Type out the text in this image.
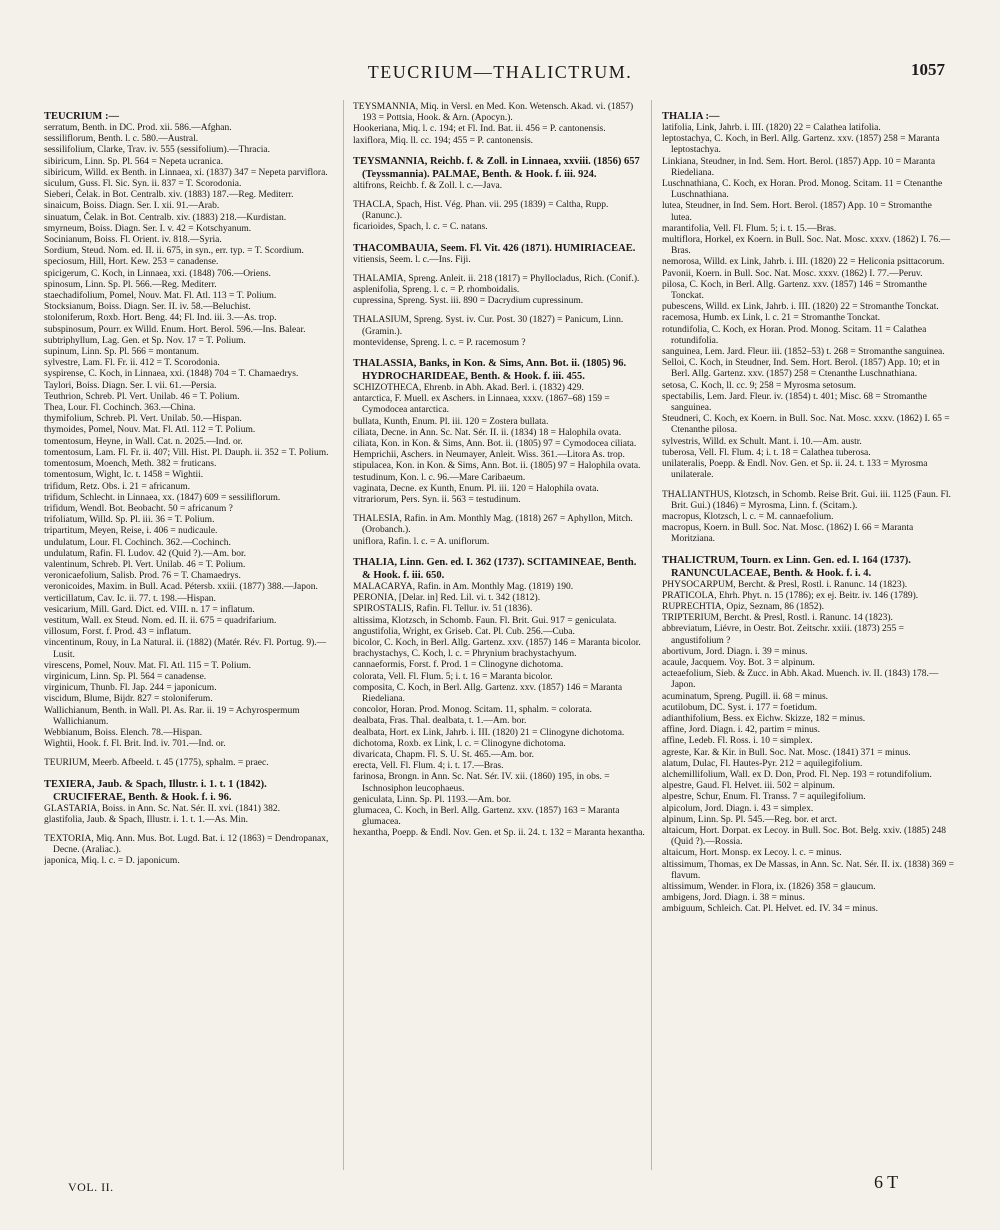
TEUCRIUM—THALICTRUM.	1057

TEUCRIUM :—

serratum, Benth. in DC. Prod. xii. 586.—Afghan.

sessiliflorum, Benth. l. c. 580.—Austral.

sessilifolium, Clarke, Trav. iv. 555 (sessifolium).—Thracia.

sibiricum, Linn. Sp. Pl. 564 = Nepeta ucranica.

sibiricum, Willd. ex Benth. in Linnaea, xi. (1837) 347 = Nepeta parviflora.

siculum, Guss. Fl. Sic. Syn. ii. 837 = T. Scorodonia.

Sieberi, Čelak. in Bot. Centralb. xiv. (1883) 187.—Reg. Mediterr.

sinaicum, Boiss. Diagn. Ser. I. xii. 91.—Arab.

sinuatum, Čelak. in Bot. Centralb. xiv. (1883) 218.—Kurdistan.

smyrneum, Boiss. Diagn. Ser. I. v. 42 = Kotschyanum.

Socinianum, Boiss. Fl. Orient. iv. 818.—Syria.

Sordium, Steud. Nom. ed. II. ii. 675, in syn., err. typ. = T. Scordium.

speciosum, Hill, Hort. Kew. 253 = canadense.

spicigerum, C. Koch, in Linnaea, xxi. (1848) 706.—Oriens.

spinosum, Linn. Sp. Pl. 566.—Reg. Mediterr.

staechadifolium, Pomel, Nouv. Mat. Fl. Atl. 113 = T. Polium.

Stocksianum, Boiss. Diagn. Ser. II. iv. 58.—Beluchist.

stoloniferum, Roxb. Hort. Beng. 44; Fl. Ind. iii. 3.—As. trop.

subspinosum, Pourr. ex Willd. Enum. Hort. Berol. 596.—Ins. Balear.

subtriphyllum, Lag. Gen. et Sp. Nov. 17 = T. Polium.

supinum, Linn. Sp. Pl. 566 = montanum.

sylvestre, Lam. Fl. Fr. ii. 412 = T. Scorodonia.

syspirense, C. Koch, in Linnaea, xxi. (1848) 704 = T. Chamaedrys.

Taylori, Boiss. Diagn. Ser. I. vii. 61.—Persia.

Teuthrion, Schreb. Pl. Vert. Unilab. 46 = T. Polium.

Thea, Lour. Fl. Cochinch. 363.—China.

thymifolium, Schreb. Pl. Vert. Unilab. 50.—Hispan.

thymoides, Pomel, Nouv. Mat. Fl. Atl. 112 = T. Polium.

tomentosum, Heyne, in Wall. Cat. n. 2025.—Ind. or.

tomentosum, Lam. Fl. Fr. ii. 407; Vill. Hist. Pl. Dauph. ii. 352 = T. Polium.

tomentosum, Moench, Meth. 382 = fruticans.

tomentosum, Wight, Ic. t. 1458 = Wightii.

trifidum, Retz. Obs. i. 21 = africanum.

trifidum, Schlecht. in Linnaea, xx. (1847) 609 = sessiliflorum.

trifidum, Wendl. Bot. Beobacht. 50 = africanum ?

trifoliatum, Willd. Sp. Pl. iii. 36 = T. Polium.

tripartitum, Meyen, Reise, i. 406 = nudicaule.

undulatum, Lour. Fl. Cochinch. 362.—Cochinch.

undulatum, Rafin. Fl. Ludov. 42 (Quid ?).—Am. bor.

valentinum, Schreb. Pl. Vert. Unilab. 46 = T. Polium.

veronicaefolium, Salisb. Prod. 76 = T. Chamaedrys.

veronicoides, Maxim. in Bull. Acad. Pétersb. xxiii. (1877) 388.—Japon.

verticillatum, Cav. Ic. ii. 77. t. 198.—Hispan.

vesicarium, Mill. Gard. Dict. ed. VIII. n. 17 = inflatum.

vestitum, Wall. ex Steud. Nom. ed. II. ii. 675 = quadrifarium.

villosum, Forst. f. Prod. 43 = inflatum.

vincentinum, Rouy, in La Natural. ii. (1882) (Matér. Rév. Fl. Portug. 9).—Lusit.

virescens, Pomel, Nouv. Mat. Fl. Atl. 115 = T. Polium.

virginicum, Linn. Sp. Pl. 564 = canadense.

virginicum, Thunb. Fl. Jap. 244 = japonicum.

viscidum, Blume, Bijdr. 827 = stoloniferum.

Wallichianum, Benth. in Wall. Pl. As. Rar. ii. 19 = Achyrospermum Wallichianum.

Webbianum, Boiss. Elench. 78.—Hispan.

Wightii, Hook. f. Fl. Brit. Ind. iv. 701.—Ind. or.

TEURIUM, Meerb. Afbeeld. t. 45 (1775), sphalm. = praec.

TEXIERA, Jaub. & Spach, Illustr. i. 1. t. 1 (1842). CRUCIFERAE, Benth. & Hook. f. i. 96.

GLASTARIA, Boiss. in Ann. Sc. Nat. Sér. II. xvi. (1841) 382.

glastifolia, Jaub. & Spach, Illustr. i. 1. t. 1.—As. Min.

TEXTORIA, Miq. Ann. Mus. Bot. Lugd. Bat. i. 12 (1863) = Dendropanax, Decne. (Araliac.).

japonica, Miq. l. c. = D. japonicum.

TEYSMANNIA, Miq. in Versl. en Med. Kon. Wetensch. Akad. vi. (1857) 193 = Pottsia, Hook. & Arn. (Apocyn.).

Hookeriana, Miq. l. c. 194; et Fl. Ind. Bat. ii. 456 = P. cantonensis.

laxiflora, Miq. ll. cc. 194; 455 = P. cantonensis.

TEYSMANNIA, Reichb. f. & Zoll. in Linnaea, xxviii. (1856) 657 (Teyssmannia). PALMAE, Benth. & Hook. f. iii. 924.

altifrons, Reichb. f. & Zoll. l. c.—Java.

THACLA, Spach, Hist. Vég. Phan. vii. 295 (1839) = Caltha, Rupp. (Ranunc.).

ficarioides, Spach, l. c. = C. natans.

THACOMBAUIA, Seem. Fl. Vit. 426 (1871). HUMIRIACEAE.

vitiensis, Seem. l. c.—Ins. Fiji.

THALAMIA, Spreng. Anleit. ii. 218 (1817) = Phyllocladus, Rich. (Conif.).

asplenifolia, Spreng. l. c. = P. rhomboidalis.

cupressina, Spreng. Syst. iii. 890 = Dacrydium cupressinum.

THALASIUM, Spreng. Syst. iv. Cur. Post. 30 (1827) = Panicum, Linn. (Gramin.).

montevidense, Spreng. l. c. = P. racemosum ?

THALASSIA, Banks, in Kon. & Sims, Ann. Bot. ii. (1805) 96. HYDROCHARIDEAE, Benth. & Hook. f. iii. 455.

SCHIZOTHECA, Ehrenb. in Abh. Akad. Berl. i. (1832) 429.

antarctica, F. Muell. ex Aschers. in Linnaea, xxxv. (1867–68) 159 = Cymodocea antarctica.

bullata, Kunth, Enum. Pl. iii. 120 = Zostera bullata.

ciliata, Decne. in Ann. Sc. Nat. Sér. II. ii. (1834) 18 = Halophila ovata.

ciliata, Kon. in Kon. & Sims, Ann. Bot. ii. (1805) 97 = Cymodocea ciliata.

Hemprichii, Aschers. in Neumayer, Anleit. Wiss. 361.—Litora As. trop.

stipulacea, Kon. in Kon. & Sims, Ann. Bot. ii. (1805) 97 = Halophila ovata.

testudinum, Kon. l. c. 96.—Mare Caribaeum.

vaginata, Decne. ex Kunth, Enum. Pl. iii. 120 = Halophila ovata.

vitrariorum, Pers. Syn. ii. 563 = testudinum.

THALESIA, Rafin. in Am. Monthly Mag. (1818) 267 = Aphyllon, Mitch. (Orobanch.).

uniflora, Rafin. l. c. = A. uniflorum.

THALIA, Linn. Gen. ed. I. 362 (1737). SCITAMINEAE, Benth. & Hook. f. iii. 650.

MALACARYA, Rafin. in Am. Monthly Mag. (1819) 190.

PERONIA, [Delar. in] Red. Lil. vi. t. 342 (1812).

SPIROSTALIS, Rafin. Fl. Tellur. iv. 51 (1836).

altissima, Klotzsch, in Schomb. Faun. Fl. Brit. Gui. 917 = geniculata.

angustifolia, Wright, ex Griseb. Cat. Pl. Cub. 256.—Cuba.

bicolor, C. Koch, in Berl. Allg. Gartenz. xxv. (1857) 146 = Maranta bicolor.

brachystachys, C. Koch, l. c. = Phrynium brachystachyum.

cannaeformis, Forst. f. Prod. 1 = Clinogyne dichotoma.

colorata, Vell. Fl. Flum. 5; i. t. 16 = Maranta bicolor.

composita, C. Koch, in Berl. Allg. Gartenz. xxv. (1857) 146 = Maranta Riedeliana.

concolor, Horan. Prod. Monog. Scitam. 11, sphalm. = colorata.

dealbata, Fras. Thal. dealbata, t. 1.—Am. bor.

dealbata, Hort. ex Link, Jahrb. i. III. (1820) 21 = Clinogyne dichotoma.

dichotoma, Roxb. ex Link, l. c. = Clinogyne dichotoma.

divaricata, Chapm. Fl. S. U. St. 465.—Am. bor.

erecta, Vell. Fl. Flum. 4; i. t. 17.—Bras.

farinosa, Brongn. in Ann. Sc. Nat. Sér. IV. xii. (1860) 195, in obs. = Ischnosiphon leucophaeus.

geniculata, Linn. Sp. Pl. 1193.—Am. bor.

glumacea, C. Koch, in Berl. Allg. Gartenz. xxv. (1857) 163 = Maranta glumacea.

hexantha, Poepp. & Endl. Nov. Gen. et Sp. ii. 24. t. 132 = Maranta hexantha.

THALIA :—

latifolia, Link, Jahrb. i. III. (1820) 22 = Calathea latifolia.

leptostachya, C. Koch, in Berl. Allg. Gartenz. xxv. (1857) 258 = Maranta leptostachya.

Linkiana, Steudner, in Ind. Sem. Hort. Berol. (1857) App. 10 = Maranta Riedeliana.

Luschnathiana, C. Koch, ex Horan. Prod. Monog. Scitam. 11 = Ctenanthe Luschnathiana.

lutea, Steudner, in Ind. Sem. Hort. Berol. (1857) App. 10 = Stromanthe lutea.

marantifolia, Vell. Fl. Flum. 5; i. t. 15.—Bras.

multiflora, Horkel, ex Koern. in Bull. Soc. Nat. Mosc. xxxv. (1862) I. 76.—Bras.

nemorosa, Willd. ex Link, Jahrb. i. III. (1820) 22 = Heliconia psittacorum.

Pavonii, Koern. in Bull. Soc. Nat. Mosc. xxxv. (1862) I. 77.—Peruv.

pilosa, C. Koch, in Berl. Allg. Gartenz. xxv. (1857) 146 = Stromanthe Tonckat.

pubescens, Willd. ex Link, Jahrb. i. III. (1820) 22 = Stromanthe Tonckat.

racemosa, Humb. ex Link, l. c. 21 = Stromanthe Tonckat.

rotundifolia, C. Koch, ex Horan. Prod. Monog. Scitam. 11 = Calathea rotundifolia.

sanguinea, Lem. Jard. Fleur. iii. (1852–53) t. 268 = Stromanthe sanguinea.

Selloi, C. Koch, in Steudner, Ind. Sem. Hort. Berol. (1857) App. 10; et in Berl. Allg. Gartenz. xxv. (1857) 258 = Ctenanthe Luschnathiana.

setosa, C. Koch, ll. cc. 9; 258 = Myrosma setosum.

spectabilis, Lem. Jard. Fleur. iv. (1854) t. 401; Misc. 68 = Stromanthe sanguinea.

Steudneri, C. Koch, ex Koern. in Bull. Soc. Nat. Mosc. xxxv. (1862) I. 65 = Ctenanthe pilosa.

sylvestris, Willd. ex Schult. Mant. i. 10.—Am. austr.

tuberosa, Vell. Fl. Flum. 4; i. t. 18 = Calathea tuberosa.

unilateralis, Poepp. & Endl. Nov. Gen. et Sp. ii. 24. t. 133 = Myrosma unilaterale.

THALIANTHUS, Klotzsch, in Schomb. Reise Brit. Gui. iii. 1125 (Faun. Fl. Brit. Gui.) (1846) = Myrosma, Linn. f. (Scitam.).

macropus, Klotzsch, l. c. = M. cannaefolium.

macropus, Koern. in Bull. Soc. Nat. Mosc. (1862) I. 66 = Maranta Moritziana.

THALICTRUM, Tourn. ex Linn. Gen. ed. I. 164 (1737). RANUNCULACEAE, Benth. & Hook. f. i. 4.

PHYSOCARPUM, Bercht. & Presl, Rostl. i. Ranunc. 14 (1823).

PRATICOLA, Ehrh. Phyt. n. 15 (1786); ex ej. Beitr. iv. 146 (1789).

RUPRECHTIA, Opiz, Seznam, 86 (1852).

TRIPTERIUM, Bercht. & Presl, Rostl. i. Ranunc. 14 (1823).

abbreviatum, Liévre, in Oestr. Bot. Zeitschr. xxiii. (1873) 255 = angustifolium ?

abortivum, Jord. Diagn. i. 39 = minus.

acaule, Jacquem. Voy. Bot. 3 = alpinum.

acteaefolium, Sieb. & Zucc. in Abh. Akad. Muench. iv. II. (1843) 178.—Japon.

acuminatum, Spreng. Pugill. ii. 68 = minus.

acutilobum, DC. Syst. i. 177 = foetidum.

adianthifolium, Bess. ex Eichw. Skizze, 182 = minus.

affine, Jord. Diagn. i. 42, partim = minus.

affine, Ledeb. Fl. Ross. i. 10 = simplex.

agreste, Kar. & Kir. in Bull. Soc. Nat. Mosc. (1841) 371 = minus.

alatum, Dulac, Fl. Hautes-Pyr. 212 = aquilegifolium.

alchemillifolium, Wall. ex D. Don, Prod. Fl. Nep. 193 = rotundifolium.

alpestre, Gaud. Fl. Helvet. iii. 502 = alpinum.

alpestre, Schur, Enum. Fl. Transs. 7 = aquilegifolium.

alpicolum, Jord. Diagn. i. 43 = simplex.

alpinum, Linn. Sp. Pl. 545.—Reg. bor. et arct.

altaicum, Hort. Dorpat. ex Lecoy. in Bull. Soc. Bot. Belg. xxiv. (1885) 248 (Quid ?).—Rossia.

altaicum, Hort. Monsp. ex Lecoy. l. c. = minus.

altissimum, Thomas, ex De Massas, in Ann. Sc. Nat. Sér. II. ix. (1838) 369 = flavum.

altissimum, Wender. in Flora, ix. (1826) 358 = glaucum.

ambigens, Jord. Diagn. i. 38 = minus.

ambiguum, Schleich. Cat. Pl. Helvet. ed. IV. 34 = minus.

VOL. II.	6 T
